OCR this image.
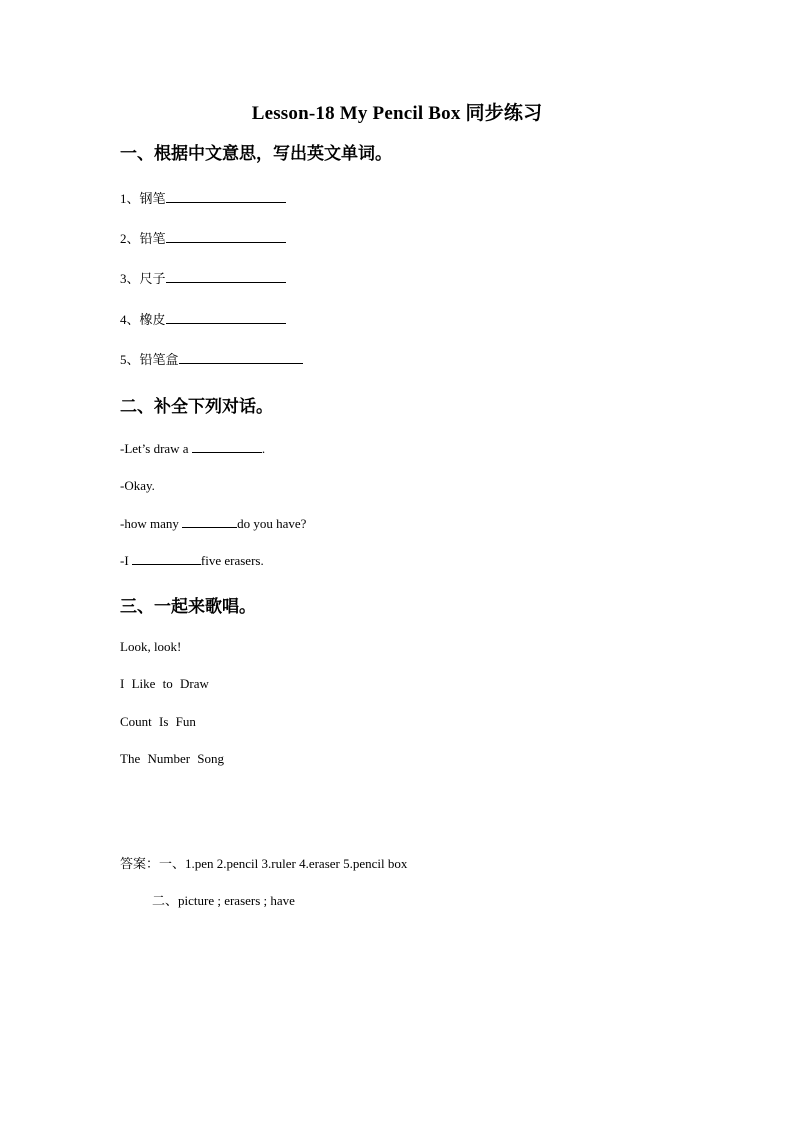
Lesson-18 My Pencil Box 同步练习
一、根据中文意思，写出英文单词。
1、钢笔
2、铅笔
3、尺子
4、橡皮
5、铅笔盒
二、补全下列对话。
-Let’s draw a	.
-Okay.
-how many	do you have?
-I	five erasers.
三、一起来歌唱。
Look, look!
I Like to Draw
Count Is Fun
The Number Song
答案：一、1.pen 2.pencil 3.ruler 4.eraser 5.pencil box
二、picture ; erasers ; have
